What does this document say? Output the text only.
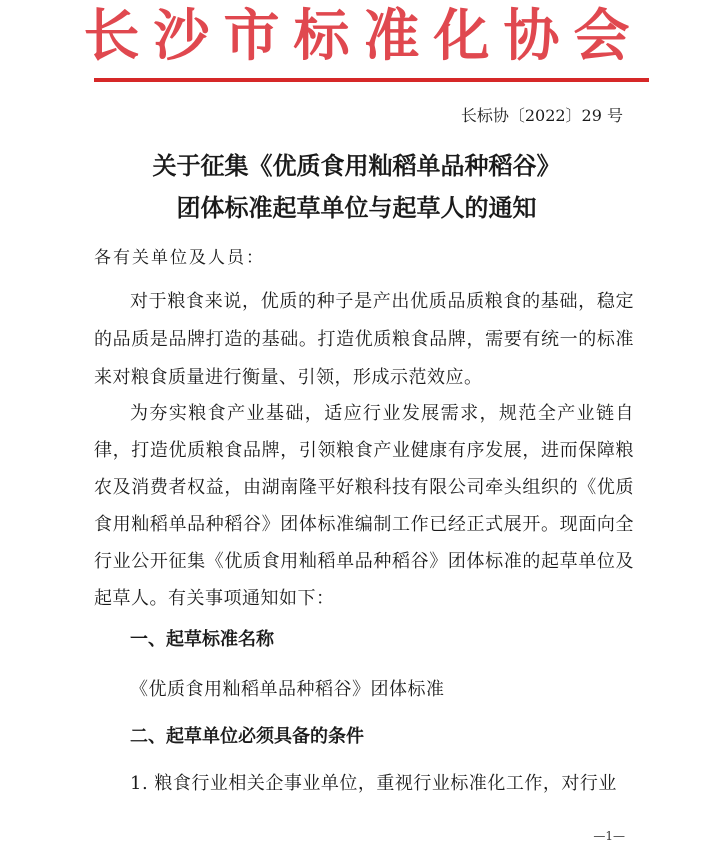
长沙市标准化协会
长标协〔2022〕29 号
关于征集《优质食用籼稻单品种稻谷》
团体标准起草单位与起草人的通知
各有关单位及人员：

对于粮食来说，优质的种子是产出优质品质粮食的基础，稳定的品质是品牌打造的基础。打造优质粮食品牌，需要有统一的标准来对粮食质量进行衡量、引领，形成示范效应。

为夯实粮食产业基础，适应行业发展需求，规范全产业链自律，打造优质粮食品牌，引领粮食产业健康有序发展，进而保障粮农及消费者权益，由湖南隆平好粮科技有限公司牵头组织的《优质食用籼稻单品种稻谷》团体标准编制工作已经正式展开。现面向全行业公开征集《优质食用籼稻单品种稻谷》团体标准的起草单位及起草人。有关事项通知如下：

一、起草标准名称
《优质食用籼稻单品种稻谷》团体标准
二、起草单位必须具备的条件
1. 粮食行业相关企事业单位，重视行业标准化工作，对行业
—1—
